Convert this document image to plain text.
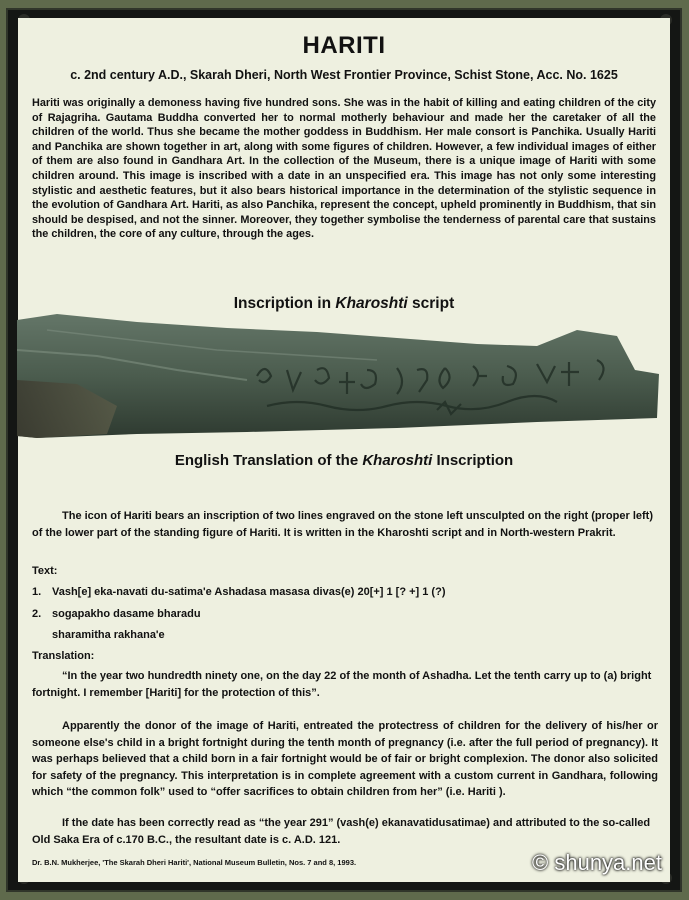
HARITI
c. 2nd century A.D., Skarah Dheri, North West Frontier Province, Schist Stone, Acc. No. 1625
Hariti was originally a demoness having five hundred sons. She was in the habit of killing and eating children of the city of Rajagriha. Gautama Buddha converted her to normal motherly behaviour and made her the caretaker of all the children of the world. Thus she became the mother goddess in Buddhism. Her male consort is Panchika. Usually Hariti and Panchika are shown together in art, along with some figures of children. However, a few individual images of either of them are also found in Gandhara Art. In the collection of the Museum, there is a unique image of Hariti with some children around. This image is inscribed with a date in an unspecified era. This image has not only some interesting stylistic and aesthetic features, but it also bears historical importance in the determination of the stylistic sequence in the evolution of Gandhara Art. Hariti, as also Panchika, represent the concept, upheld prominently in Buddhism, that sin should be despised, and not the sinner. Moreover, they together symbolise the tenderness of parental care that sustains the children, the core of any culture, through the ages.
Inscription in Kharoshti script
English Translation of the Kharoshti Inscription
The icon of Hariti bears an inscription of two lines engraved on the stone left unsculpted on the right (proper left) of the lower part of the standing figure of Hariti. It is written in the Kharoshti script and in North-western Prakrit.
Text:
1. Vash[e] eka-navati du-satima'e Ashadasa masasa divas(e) 20[+] 1 [? +] 1 (?)
2. sogapakho dasame bharadu
sharamitha rakhana'e
Translation:
“In the year two hundredth ninety one, on the day 22 of the month of Ashadha. Let the tenth carry up to (a) bright fortnight. I remember [Hariti] for the protection of this”.
Apparently the donor of the image of Hariti, entreated the protectress of children for the delivery of his/her or someone else's child in a bright fortnight during the tenth month of pregnancy (i.e. after the full period of pregnancy). It was perhaps believed that a child born in a fair fortnight would be of fair or bright complexion. The donor also solicited for safety of the pregnancy. This interpretation is in complete agreement with a custom current in Gandhara, following which “the common folk” used to “offer sacrifices to obtain children from her” (i.e. Hariti ).
If the date has been correctly read as “the year 291” (vash(e) ekanavatidusatimae) and attributed to the so-called Old Saka Era of c.170 B.C., the resultant date is c. A.D. 121.
Dr. B.N. Mukherjee, 'The Skarah Dheri Hariti', National Museum Bulletin, Nos. 7 and 8, 1993.	© shunya.net
